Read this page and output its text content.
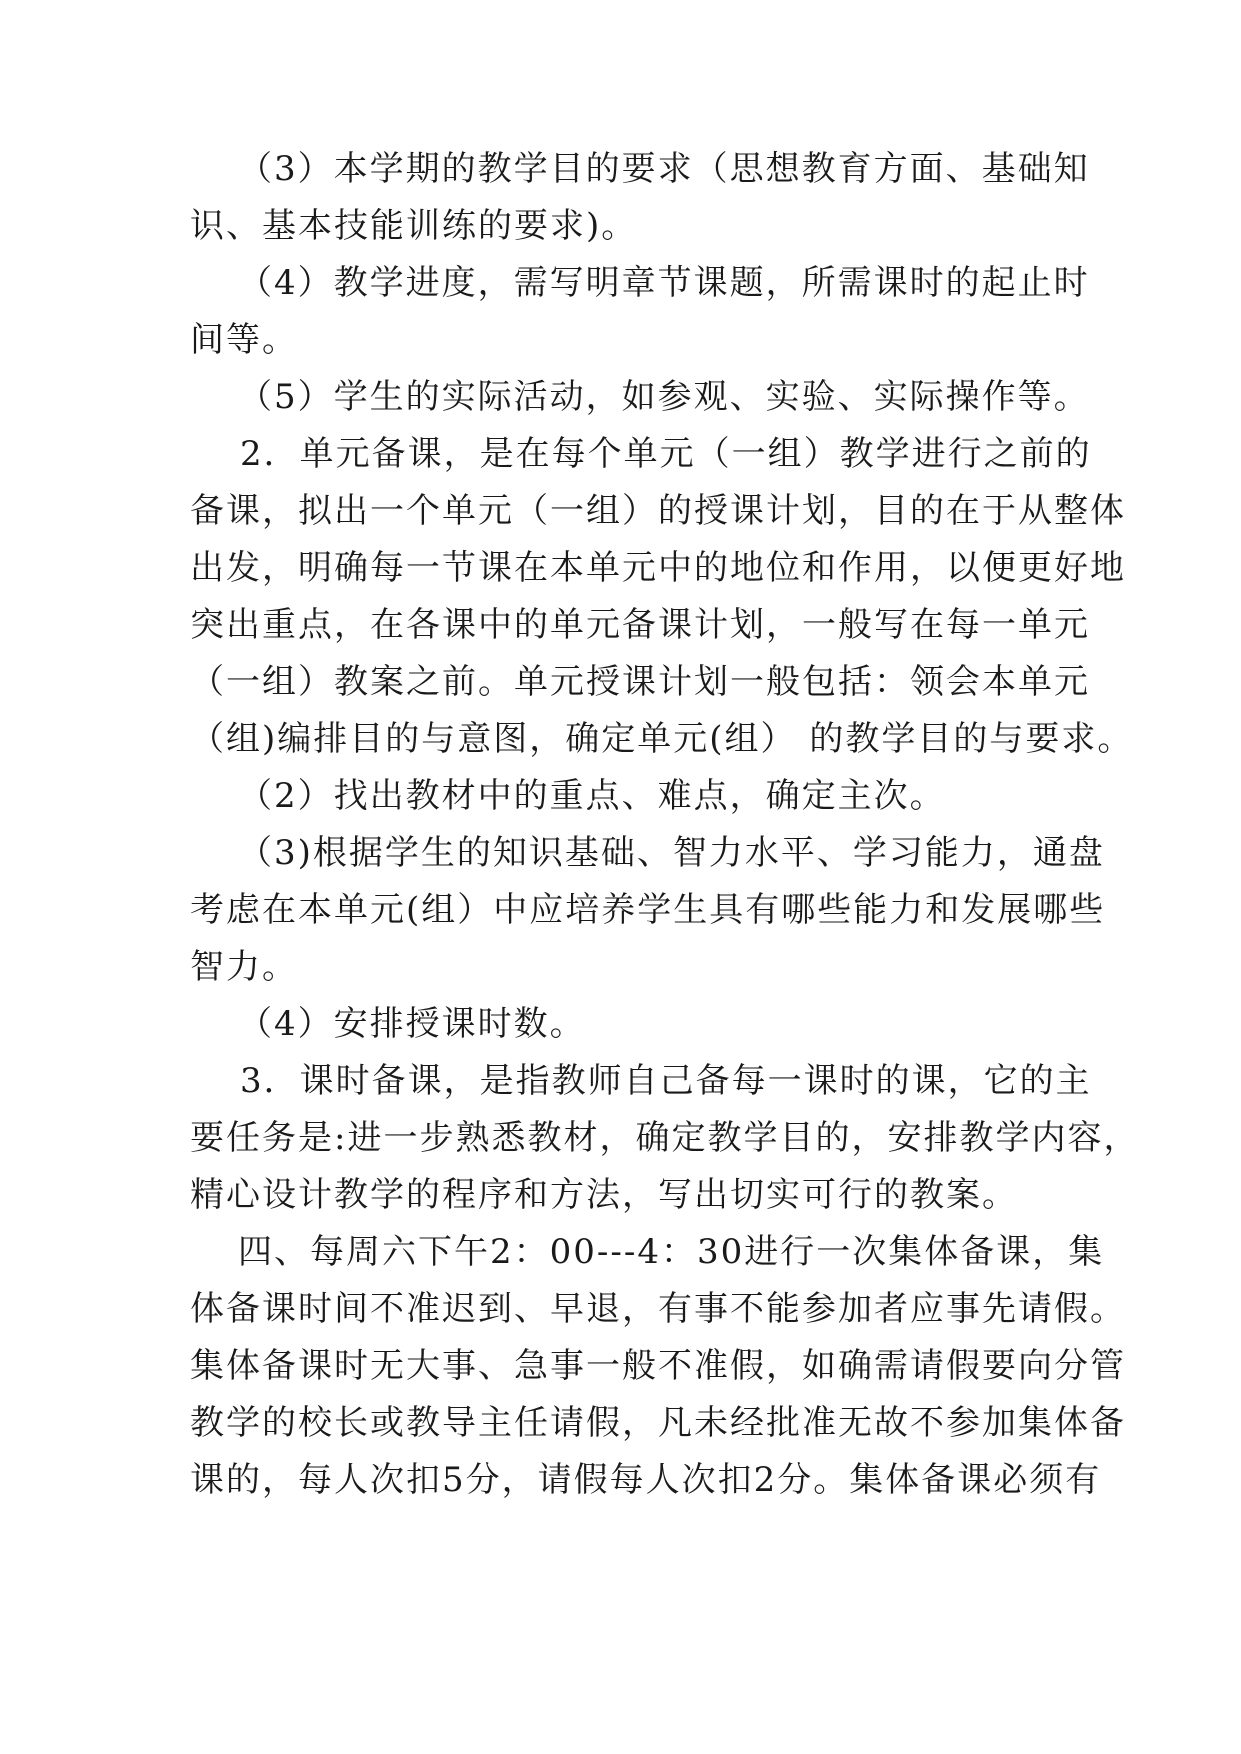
（3）本学期的教学目的要求（思想教育方面、基础知
识、基本技能训练的要求)。
（4）教学进度，需写明章节课题，所需课时的起止时
间等。
（5）学生的实际活动，如参观、实验、实际操作等。
2．单元备课，是在每个单元（一组）教学进行之前的
备课，拟出一个单元（一组）的授课计划，目的在于从整体
出发，明确每一节课在本单元中的地位和作用，以便更好地
突出重点，在各课中的单元备课计划，一般写在每一单元
（一组）教案之前。单元授课计划一般包括：领会本单元
（组)编排目的与意图，确定单元(组） 的教学目的与要求。
（2）找出教材中的重点、难点，确定主次。
（3)根据学生的知识基础、智力水平、学习能力，通盘
考虑在本单元(组）中应培养学生具有哪些能力和发展哪些
智力。
（4）安排授课时数。
3．课时备课，是指教师自己备每一课时的课，它的主
要任务是:进一步熟悉教材，确定教学目的，安排教学内容，
精心设计教学的程序和方法，写出切实可行的教案。
四、每周六下午2：00---4：30进行一次集体备课，集
体备课时间不准迟到、早退，有事不能参加者应事先请假。
集体备课时无大事、急事一般不准假，如确需请假要向分管
教学的校长或教导主任请假，凡未经批准无故不参加集体备
课的，每人次扣5分，请假每人次扣2分。集体备课必须有
